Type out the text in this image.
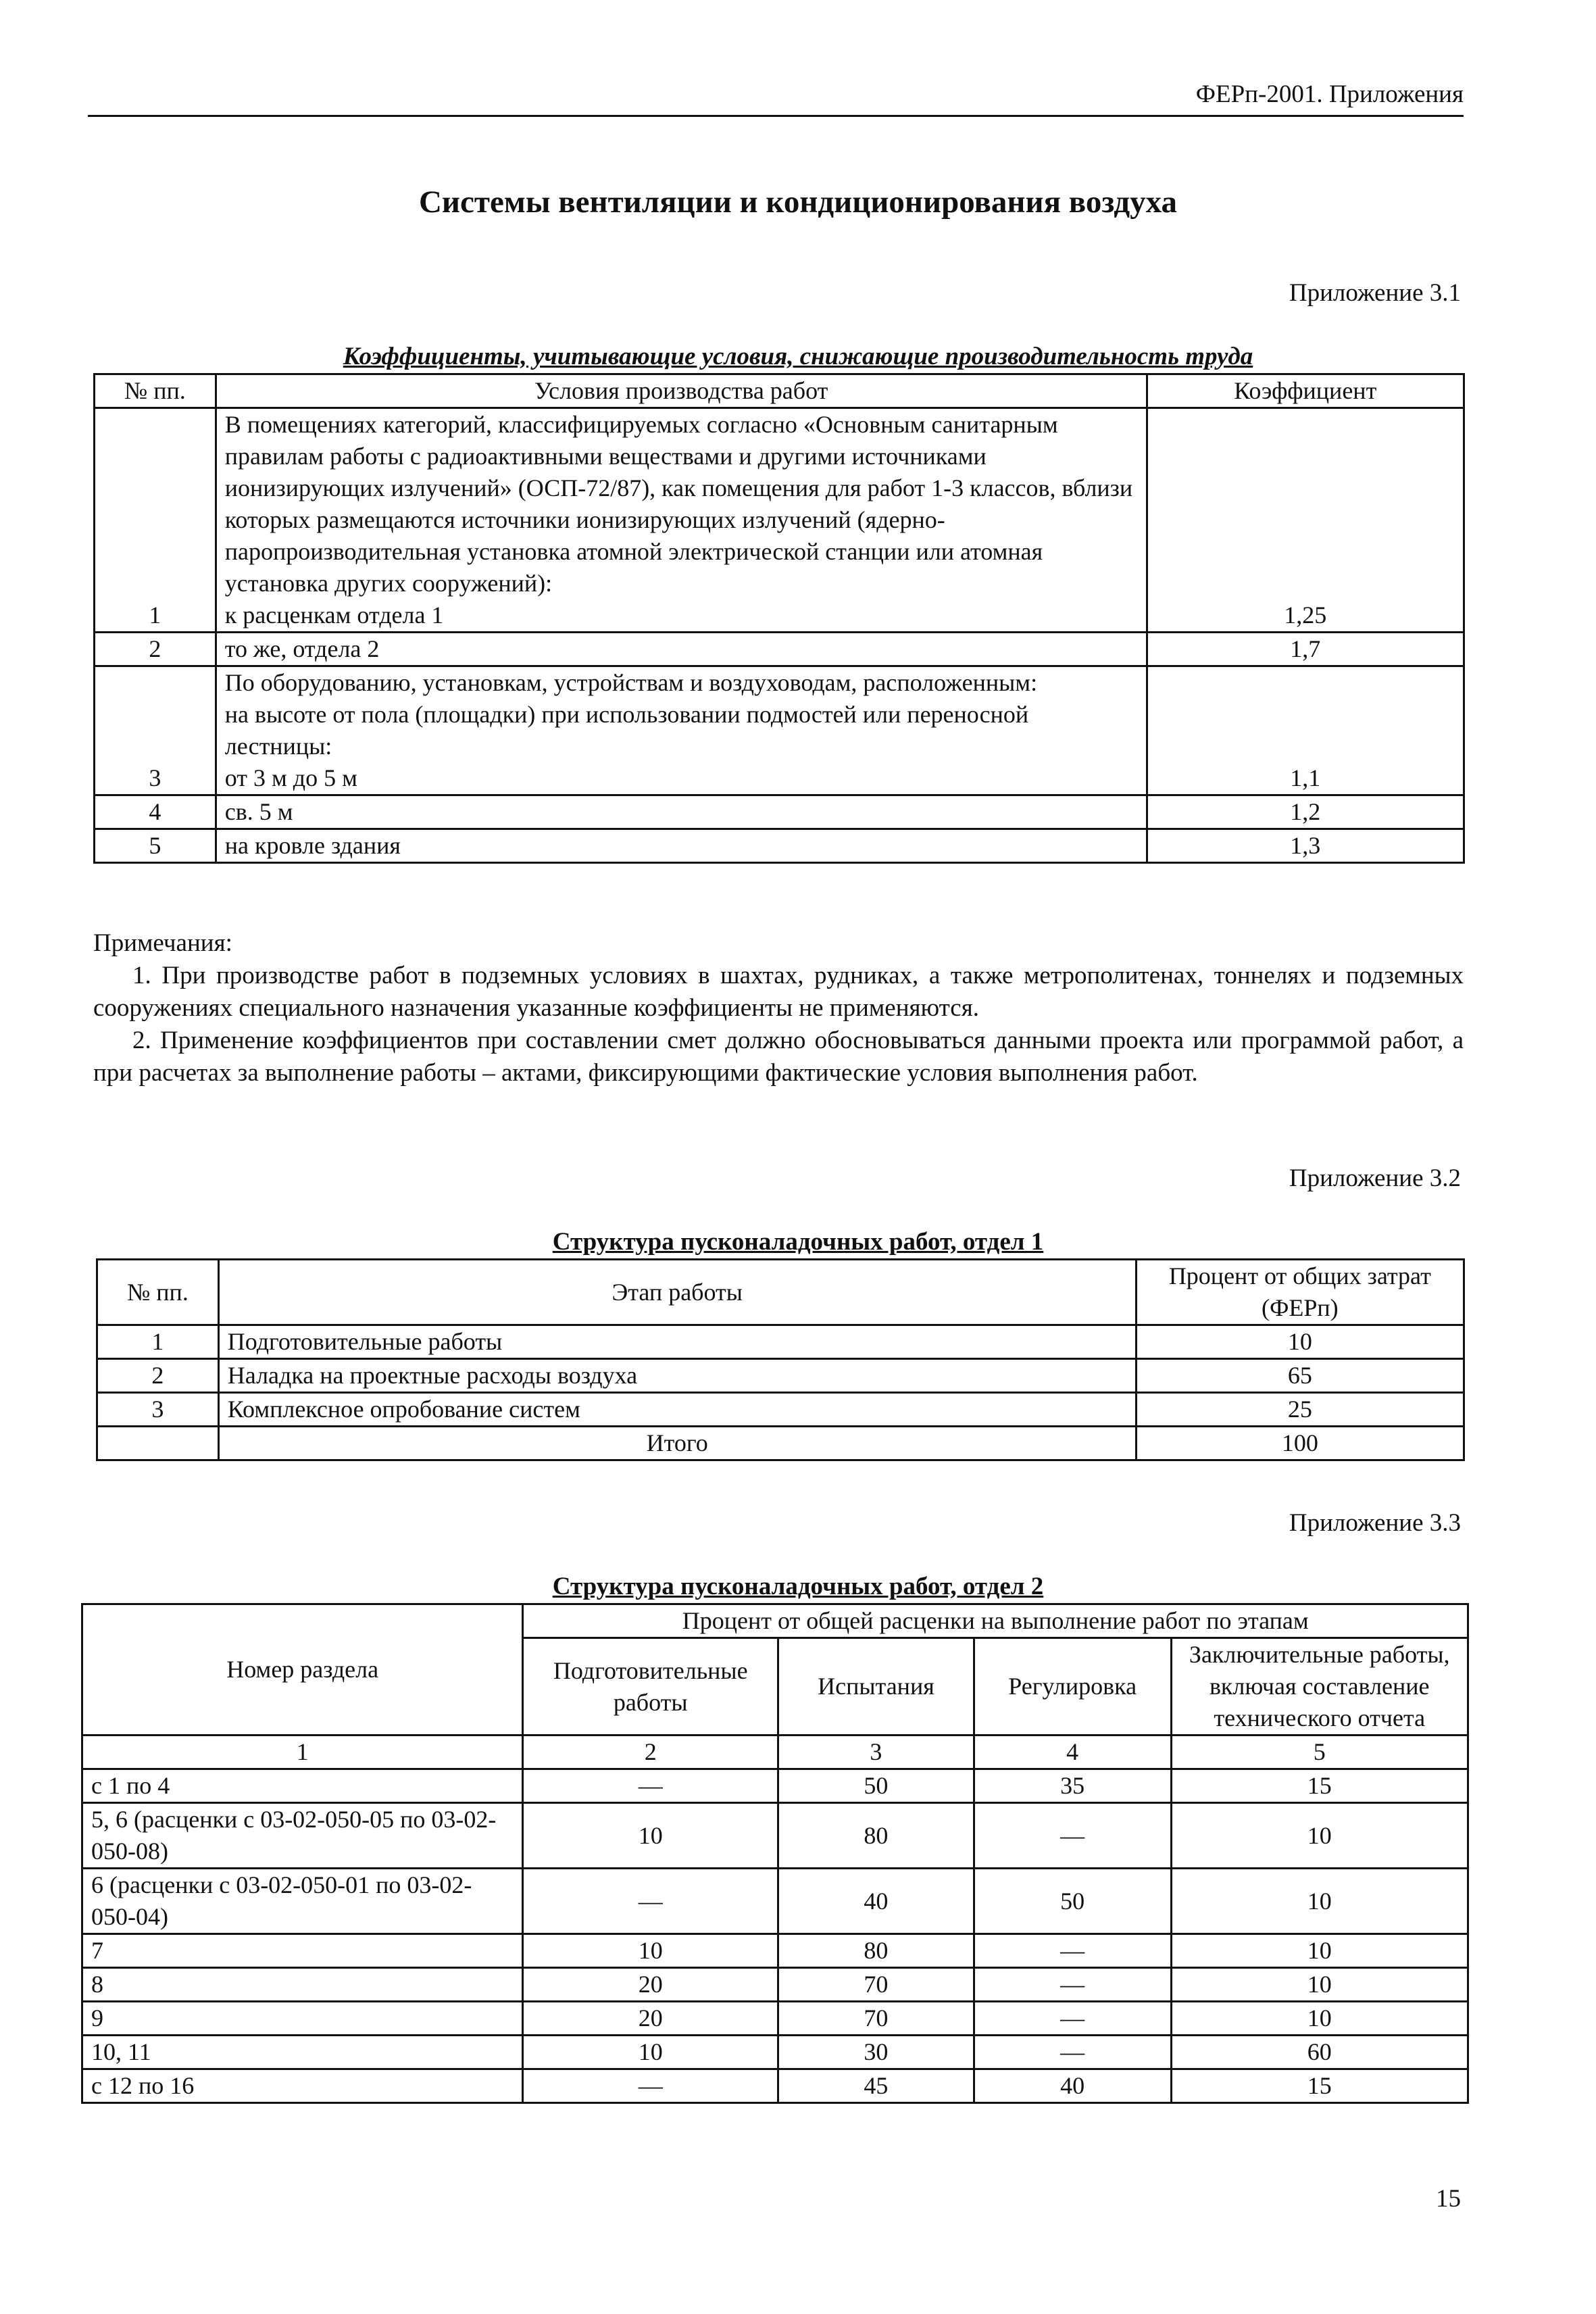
ФЕРп-2001. Приложения
Системы вентиляции и кондиционирования воздуха
Приложение 3.1
Коэффициенты, учитывающие условия, снижающие производительность труда
№ пп.	Условия производства работ	Коэффициент
1	В помещениях категорий, классифицируемых согласно «Основным санитарным правилам работы с радиоактивными веществами и другими источниками ионизирующих излучений» (ОСП-72/87), как помещения для работ 1-3 классов, вблизи которых размещаются источники ионизирующих излучений (ядерно-паропроизводительная установка атомной электрической станции или атомная установка других сооружений):
к расценкам отдела 1	1,25
2	то же, отдела 2	1,7
3	По оборудованию, установкам, устройствам и воздуховодам, расположенным:
на высоте от пола (площадки) при использовании подмостей или переносной лестницы:
от 3 м до 5 м	1,1
4	св. 5 м	1,2
5	на кровле здания	1,3

Примечания:

1. При производстве работ в подземных условиях в шахтах, рудниках, а также метрополитенах, тоннелях и подземных сооружениях специального назначения указанные коэффициенты не применяются.

2. Применение коэффициентов при составлении смет должно обосновываться данными проекта или программой работ, а при расчетах за выполнение работы – актами, фиксирующими фактические условия выполнения работ.

Приложение 3.2
Структура пусконаладочных работ, отдел 1
№ пп.	Этап работы	Процент от общих затрат (ФЕРп)
1	Подготовительные работы	10
2	Наладка на проектные расходы воздуха	65
3	Комплексное опробование систем	25
	Итого	100
Приложение 3.3
Структура пусконаладочных работ, отдел 2
Номер раздела	Процент от общей расценки на выполнение работ по этапам			
	Подготовительные работы	Испытания	Регулировка	Заключительные работы, включая составление технического отчета
1	2	3	4	5
с 1 по 4	—	50	35	15
5, 6 (расценки с 03-02-050-05 по 03-02-050-08)	10	80	—	10
6 (расценки с 03-02-050-01 по 03-02-050-04)	—	40	50	10
7	10	80	—	10
8	20	70	—	10
9	20	70	—	10
10, 11	10	30	—	60
с 12 по 16	—	45	40	15
15
